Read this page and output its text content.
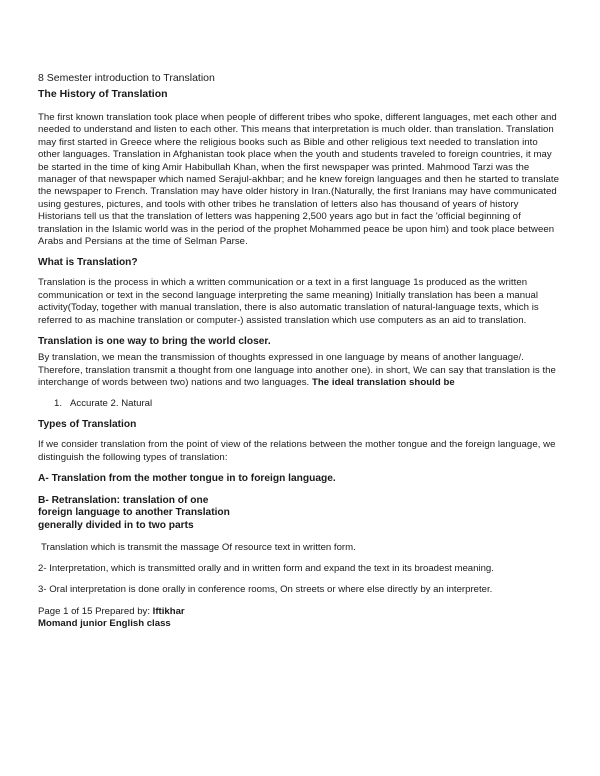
8 Semester introduction to Translation

The History of Translation

The first known translation took place when people of different tribes who spoke, different languages, met each other and needed to understand and listen to each other. This means that interpretation is much older. than translation. Translation may first started in Greece where the religious books such as Bible and other religious text needed to translation into other languages. Translation in Afghanistan took place when the youth and students traveled to foreign countries, it may be started in the time of king Amir Habibullah Khan, when the first newspaper was printed. Mahmood Tarzi was the manager of that newspaper which named Serajul-akhbar; and he knew foreign languages and then he started to translate the newspaper to French. Translation may have older history in Iran.(Naturally, the first Iranians may have communicated using gestures, pictures, and tools with other tribes he translation of letters also has thousand of years of history Historians tell us that the translation of letters was happening 2,500 years ago but in fact the 'official beginning of translation in the Islamic world was in the period of the prophet Mohammed peace be upon him) and took place between Arabs and Persians at the time of Selman Parse.

What is Translation?

Translation is the process in which a written communication or a text in a first language 1s produced as the written communication or text in the second language interpreting the same meaning) Initially translation has been a manual activity(Today, together with manual translation, there is also automatic translation of natural-language texts, which is referred to as machine translation or computer-) assisted translation which use computers as an aid to translation.

Translation is one way to bring the world closer.

By translation, we mean the transmission of thoughts expressed in one language by means of another language/. Therefore, translation transmit a thought from one language into another one). in short, We can say that translation is the interchange of words between two) nations and two languages. The ideal translation should be

1. Accurate 2. Natural

Types of Translation

If we consider translation from the point of view of the relations between the mother tongue and the foreign language, we distinguish the following types of translation:

A- Translation from the mother tongue in to foreign language.

B- Retranslation: translation of one
foreign language to another Translation
generally divided in to two parts

Translation which is transmit the massage Of resource text in written form.

2- Interpretation, which is transmitted orally and in written form and expand the text in its broadest meaning.

3- Oral interpretation is done orally in conference rooms, On streets or where else directly by an interpreter.

Page 1 of 15 Prepared by: Iftikhar
Momand junior English class
